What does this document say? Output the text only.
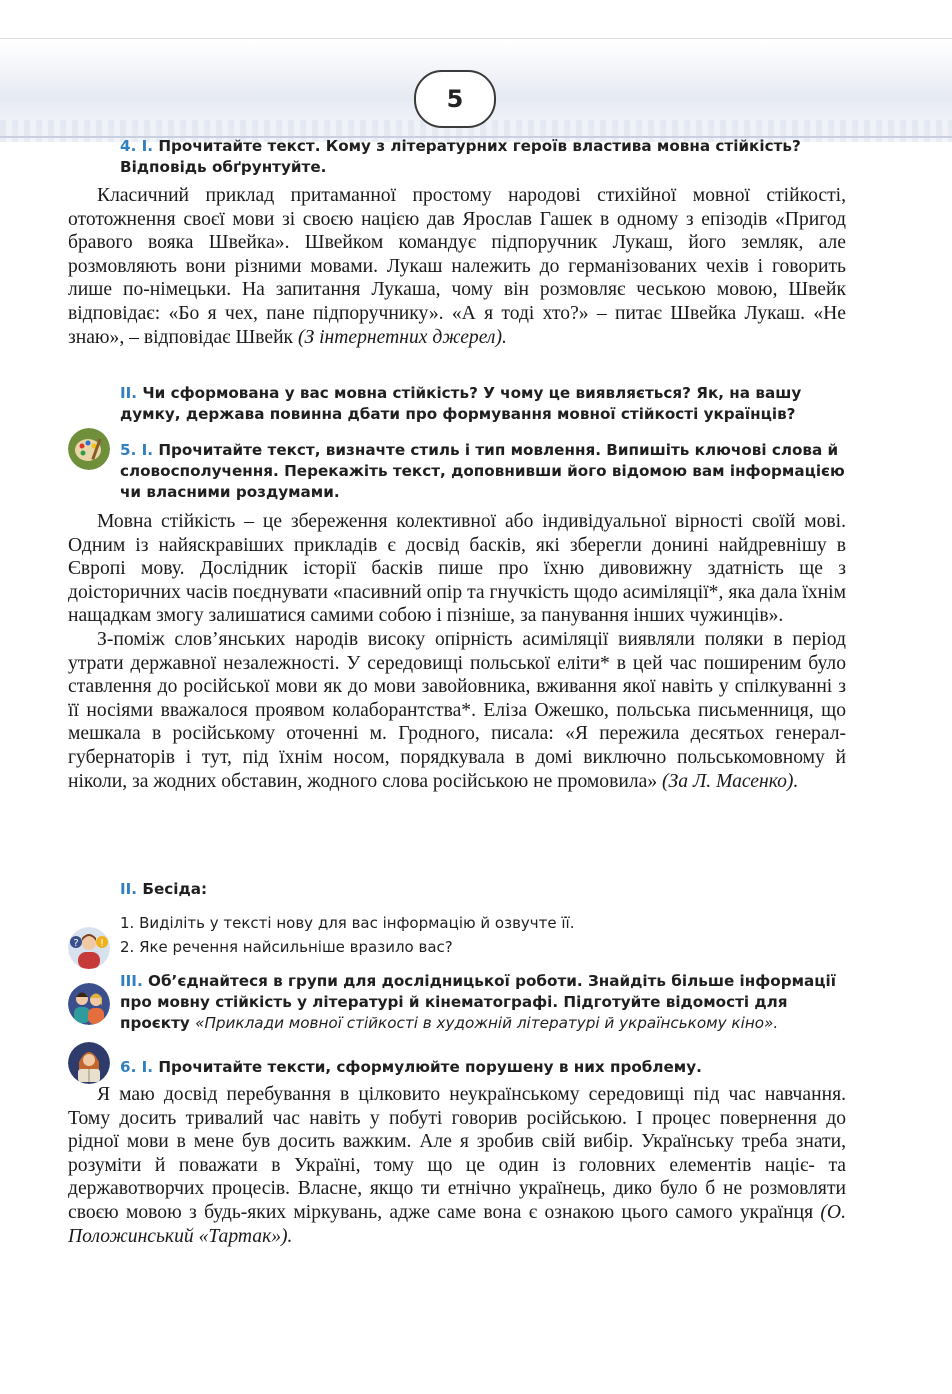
5
4. I. Прочитайте текст. Кому з літературних героїв властива мовна стійкість? Відповідь обґрунтуйте.

Класичний приклад притаманної простому народові стихійної мовної стійкості, ототожнення своєї мови зі своєю нацією дав Ярослав Гашек в одному з епізодів «Пригод бравого вояка Швейка». Швейком командує підпоручник Лукаш, його земляк, але розмовляють вони різними мовами. Лукаш належить до германізованих чехів і говорить лише по-німецьки. На запитання Лукаша, чому він розмовляє чеською мовою, Швейк відповідає: «Бо я чех, пане підпоручнику». «А я тоді хто?» – питає Швейка Лукаш. «Не знаю», – відповідає Швейк (З інтернетних джерел).

II. Чи сформована у вас мовна стійкість? У чому це виявляється? Як, на вашу думку, держава повинна дбати про формування мовної стійкості українців?
5. I. Прочитайте текст, визначте стиль і тип мовлення. Випишіть ключові слова й словосполучення. Перекажіть текст, доповнивши його відомою вам інформацією чи власними роздумами.

Мовна стійкість – це збереження колективної або індивідуальної вірності своїй мові. Одним із найяскравіших прикладів є досвід басків, які зберегли донині найдревнішу в Європі мову. Дослідник історії басків пише про їхню дивовижну здатність ще з доісторичних часів поєднувати «пасивний опір та гнучкість щодо асиміляції*, яка дала їхнім нащадкам змогу залишатися самими собою і пізніше, за панування інших чужинців».

З-поміж слов’янських народів високу опірність асиміляції виявляли поляки в період утрати державної незалежності. У середовищі польської еліти* в цей час поширеним було ставлення до російської мови як до мови завойовника, вживання якої навіть у спілкуванні з її носіями вважалося проявом колаборантства*. Еліза Ожешко, польська письменниця, що мешкала в російському оточенні м. Гродного, писала: «Я пережила десятьох генерал-губернаторів і тут, під їхнім носом, порядкувала в домі виключно польськомовному й ніколи, за жодних обставин, жодного слова російською не промовила» (За Л. Масенко).

II. Бесіда:
? !
1. Виділіть у тексті нову для вас інформацію й озвучте її.
2. Яке речення найсильніше вразило вас?
III. Об’єднайтеся в групи для дослідницької роботи. Знайдіть більше інформації про мовну стійкість у літературі й кінематографі. Підготуйте відомості для проєкту «Приклади мовної стійкості в художній літературі й українському кіно».
6. I. Прочитайте тексти, сформулюйте порушену в них проблему.

Я маю досвід перебування в цілковито неукраїнському середовищі під час навчання. Тому досить тривалий час навіть у побуті говорив російською. І процес повернення до рідної мови в мене був досить важким. Але я зробив свій вибір. Українську треба знати, розуміти й поважати в Україні, тому що це один із головних елементів націє- та державотворчих процесів. Власне, якщо ти етнічно українець, дико було б не розмовляти своєю мовою з будь-яких міркувань, адже саме вона є ознакою цього самого українця (О. Положинський «Тартак»).
